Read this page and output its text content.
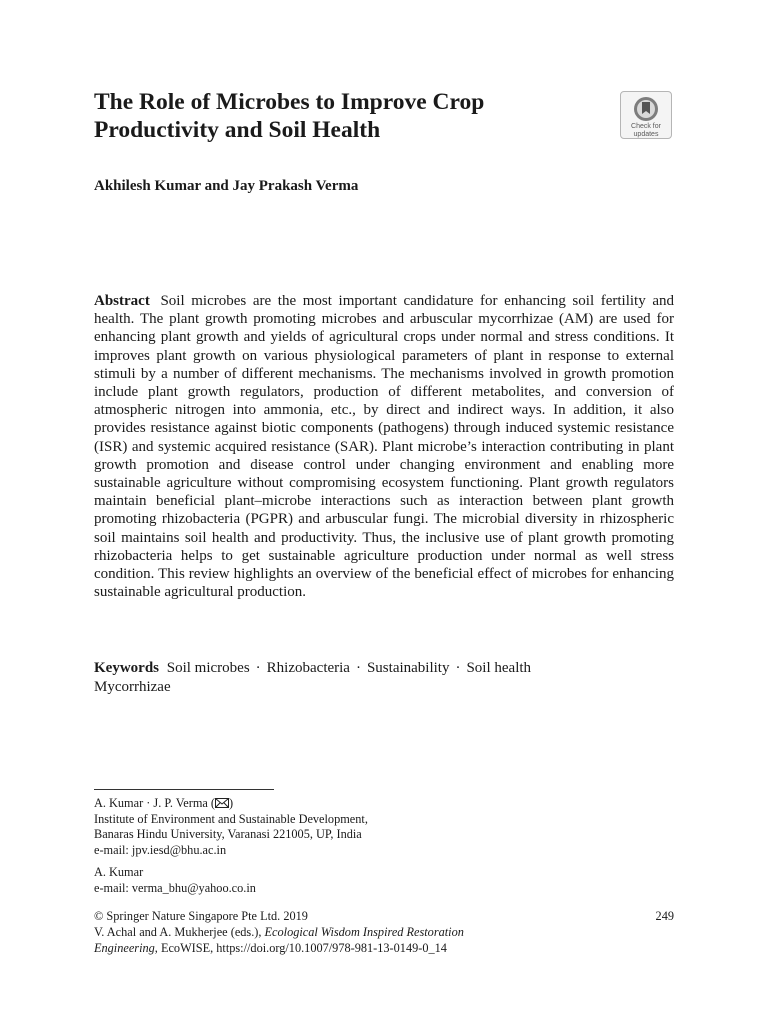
The Role of Microbes to Improve Crop
Productivity and Soil Health	Check for
updates

Akhilesh Kumar and Jay Prakash Verma

Abstract Soil microbes are the most important candidature for enhancing soil fertility and health. The plant growth promoting microbes and arbuscular mycorrhizae (AM) are used for enhancing plant growth and yields of agricultural crops under normal and stress conditions. It improves plant growth on various physiological parameters of plant in response to external stimuli by a number of different mechanisms. The mechanisms involved in growth promotion include plant growth regulators, production of different metabolites, and conversion of atmospheric nitrogen into ammonia, etc., by direct and indirect ways. In addition, it also provides resistance against biotic components (pathogens) through induced systemic resistance (ISR) and systemic acquired resistance (SAR). Plant microbe’s interaction contributing in plant growth promotion and disease control under changing environment and enabling more sustainable agriculture without compromising ecosystem functioning. Plant growth regulators maintain beneficial plant–microbe interactions such as interaction between plant growth promoting rhizobacteria (PGPR) and arbuscular fungi. The microbial diversity in rhizospheric soil maintains soil health and productivity. Thus, the inclusive use of plant growth promoting rhizobacteria helps to get sustainable agriculture production under normal as well stress condition. This review highlights an overview of the beneficial effect of microbes for enhancing sustainable agricultural production.

Keywords Soil microbes · Rhizobacteria · Sustainability · Soil health
Mycorrhizae

A. Kumar · J. P. Verma ( )
Institute of Environment and Sustainable Development,
Banaras Hindu University, Varanasi 221005, UP, India
e-mail: jpv.iesd@bhu.ac.in

A. Kumar
e-mail: verma_bhu@yahoo.co.in

© Springer Nature Singapore Pte Ltd. 2019	249

V. Achal and A. Mukherjee (eds.), Ecological Wisdom Inspired Restoration
Engineering, EcoWISE, https://doi.org/10.1007/978-981-13-0149-0_14
